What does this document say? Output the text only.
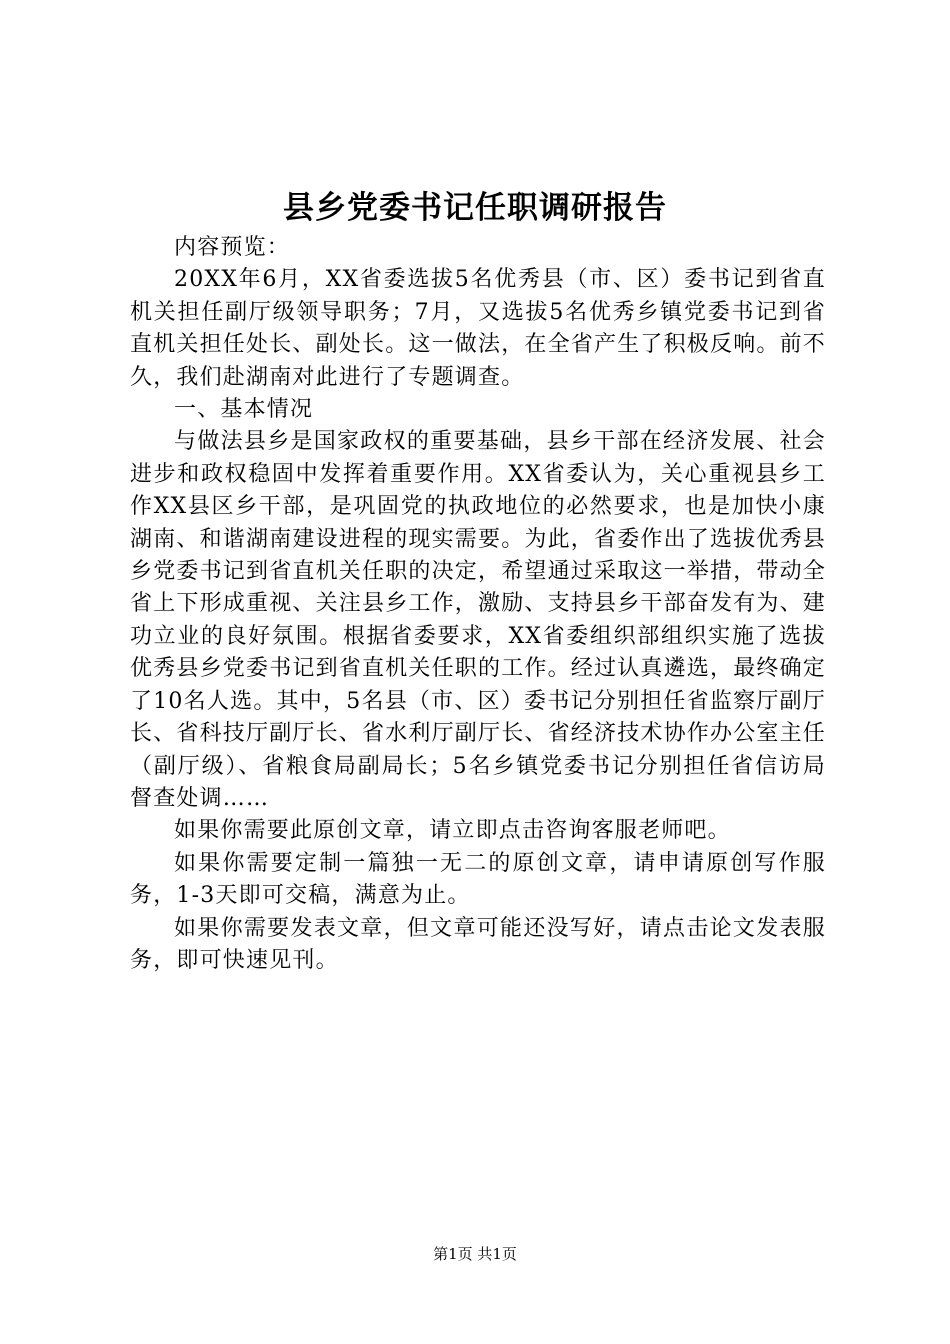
县乡党委书记任职调研报告

内容预览：

20XX年6月，XX省委选拔5名优秀县（市、区）委书记到省直机关担任副厅级领导职务；7月，又选拔5名优秀乡镇党委书记到省直机关担任处长、副处长。这一做法，在全省产生了积极反响。前不久，我们赴湖南对此进行了专题调查。

一、基本情况

与做法县乡是国家政权的重要基础，县乡干部在经济发展、社会进步和政权稳固中发挥着重要作用。XX省委认为，关心重视县乡工作XX县区乡干部，是巩固党的执政地位的必然要求，也是加快小康湖南、和谐湖南建设进程的现实需要。为此，省委作出了选拔优秀县乡党委书记到省直机关任职的决定，希望通过采取这一举措，带动全省上下形成重视、关注县乡工作，激励、支持县乡干部奋发有为、建功立业的良好氛围。根据省委要求，XX省委组织部组织实施了选拔优秀县乡党委书记到省直机关任职的工作。经过认真遴选，最终确定了10名人选。其中，5名县（市、区）委书记分别担任省监察厅副厅长、省科技厅副厅长、省水利厅副厅长、省经济技术协作办公室主任（副厅级）、省粮食局副局长；5名乡镇党委书记分别担任省信访局督查处调……

如果你需要此原创文章，请立即点击咨询客服老师吧。

如果你需要定制一篇独一无二的原创文章，请申请原创写作服务，1-3天即可交稿，满意为止。

如果你需要发表文章，但文章可能还没写好，请点击论文发表服务，即可快速见刊。

第1页 共1页
